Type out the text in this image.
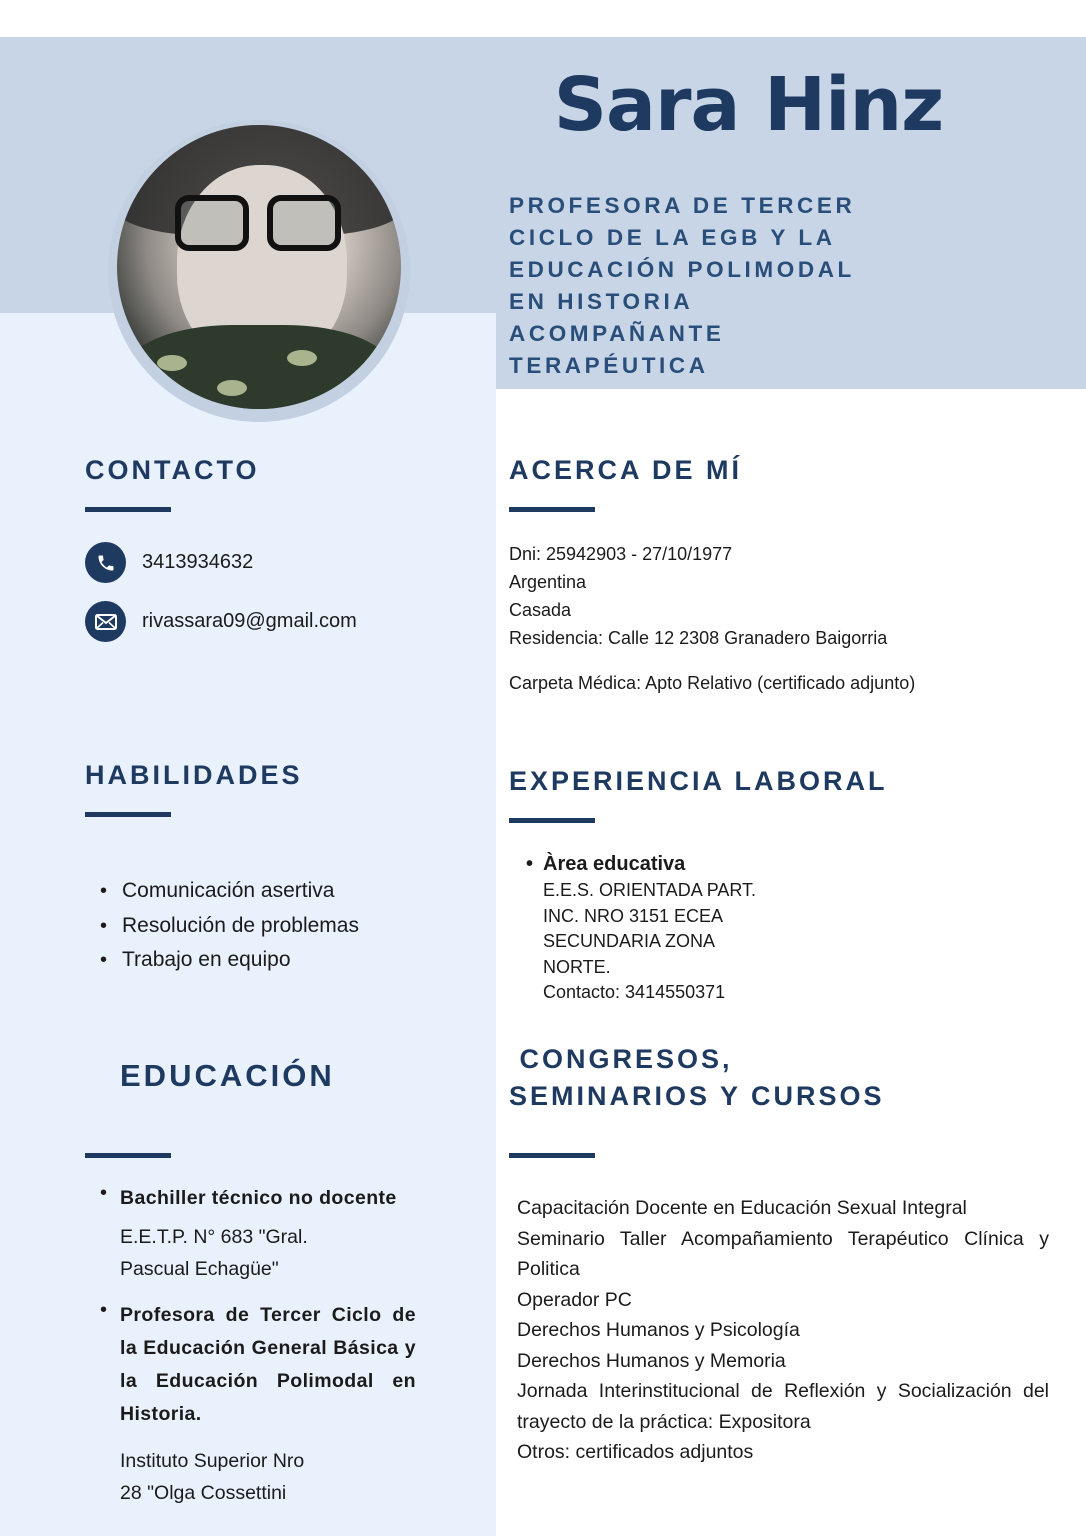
Sara Hinz
PROFESORA DE TERCER
CICLO DE LA EGB Y LA
EDUCACIÓN POLIMODAL
EN HISTORIA
ACOMPAÑANTE
TERAPÉUTICA
CONTACTO
3413934632
rivassara09@gmail.com
HABILIDADES
• Comunicación asertiva
• Resolución de problemas
• Trabajo en equipo
EDUCACIÓN
• Bachiller técnico no docente
E.E.T.P. N° 683 "Gral.
Pascual Echagüe"
• Profesora de Tercer Ciclo de
la Educación General Básica y
la Educación Polimodal en
Historia.
Instituto Superior Nro
28 "Olga Cossettini
ACERCA DE MÍ

Dni: 25942903 - 27/10/1977

Argentina

Casada

Residencia: Calle 12 2308 Granadero Baigorria

Carpeta Médica: Apto Relativo (certificado adjunto)

EXPERIENCIA LABORAL
• Àrea educativa
E.E.S. ORIENTADA PART.
INC. NRO 3151 ECEA
SECUNDARIA ZONA
NORTE.
Contacto: 3414550371
CONGRESOS,
SEMINARIOS Y CURSOS
Capacitación Docente en Educación Sexual Integral
Seminario Taller Acompañamiento Terapéutico Clínica y Politica
Operador PC
Derechos Humanos y Psicología
Derechos Humanos y Memoria
Jornada Interinstitucional de Reflexión y Socialización del trayecto de la práctica: Expositora
Otros: certificados adjuntos
